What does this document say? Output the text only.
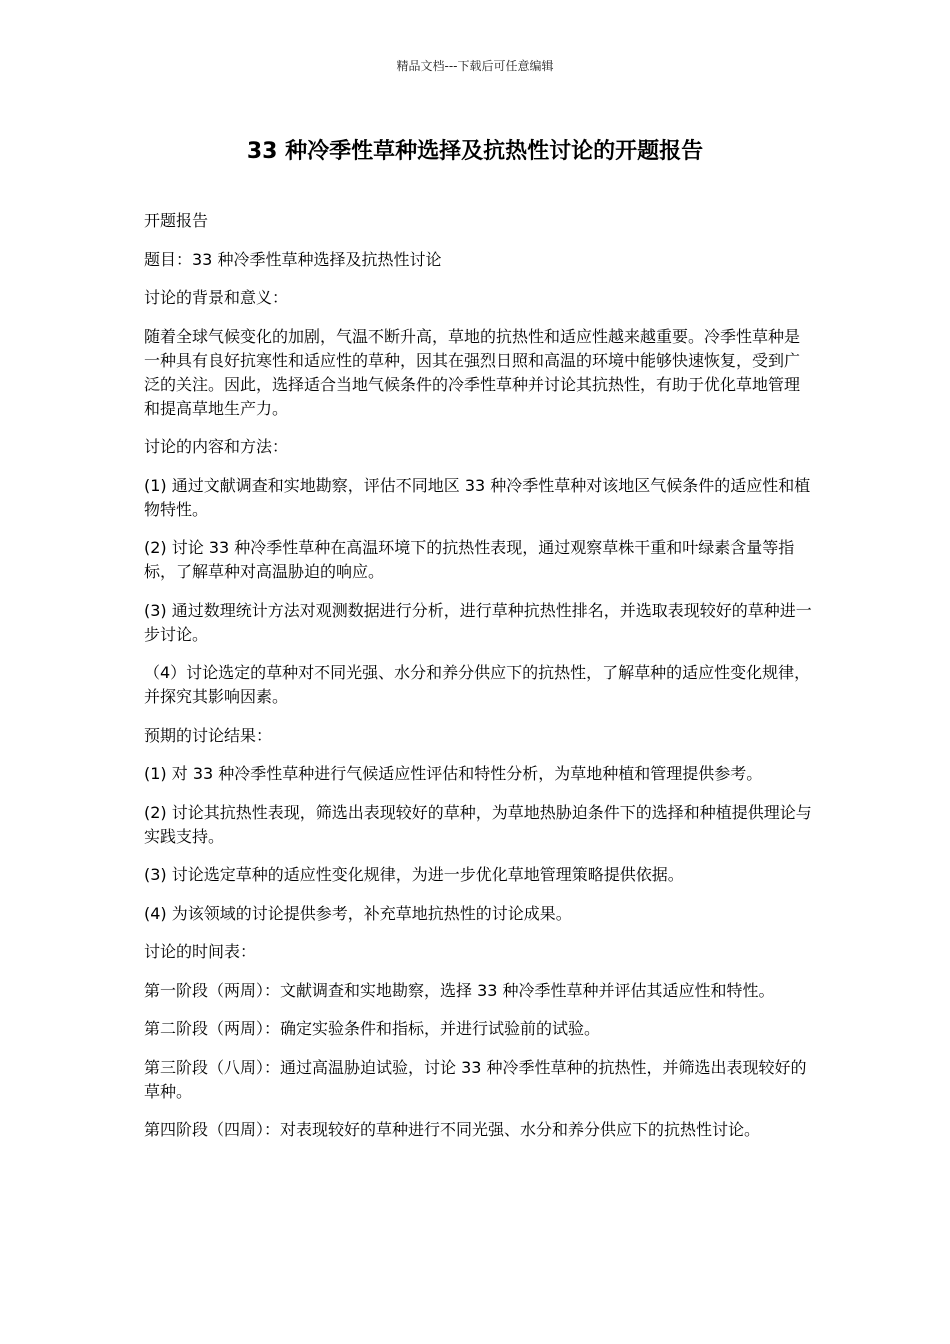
精品文档---下载后可任意编辑
33 种冷季性草种选择及抗热性讨论的开题报告

开题报告

题目：33 种冷季性草种选择及抗热性讨论

讨论的背景和意义：

随着全球气候变化的加剧，气温不断升高，草地的抗热性和适应性越来越重要。冷季性草种是一种具有良好抗寒性和适应性的草种，因其在强烈日照和高温的环境中能够快速恢复，受到广泛的关注。因此，选择适合当地气候条件的冷季性草种并讨论其抗热性，有助于优化草地管理和提高草地生产力。

讨论的内容和方法：

(1) 通过文献调查和实地勘察，评估不同地区 33 种冷季性草种对该地区气候条件的适应性和植物特性。

(2) 讨论 33 种冷季性草种在高温环境下的抗热性表现，通过观察草株干重和叶绿素含量等指标，了解草种对高温胁迫的响应。

(3) 通过数理统计方法对观测数据进行分析，进行草种抗热性排名，并选取表现较好的草种进一步讨论。

（4）讨论选定的草种对不同光强、水分和养分供应下的抗热性，了解草种的适应性变化规律，并探究其影响因素。

预期的讨论结果：

(1) 对 33 种冷季性草种进行气候适应性评估和特性分析，为草地种植和管理提供参考。

(2) 讨论其抗热性表现，筛选出表现较好的草种，为草地热胁迫条件下的选择和种植提供理论与实践支持。

(3) 讨论选定草种的适应性变化规律，为进一步优化草地管理策略提供依据。

(4) 为该领域的讨论提供参考，补充草地抗热性的讨论成果。

讨论的时间表：

第一阶段（两周）：文献调查和实地勘察，选择 33 种冷季性草种并评估其适应性和特性。

第二阶段（两周）：确定实验条件和指标，并进行试验前的试验。

第三阶段（八周）：通过高温胁迫试验，讨论 33 种冷季性草种的抗热性，并筛选出表现较好的草种。

第四阶段（四周）：对表现较好的草种进行不同光强、水分和养分供应下的抗热性讨论。
